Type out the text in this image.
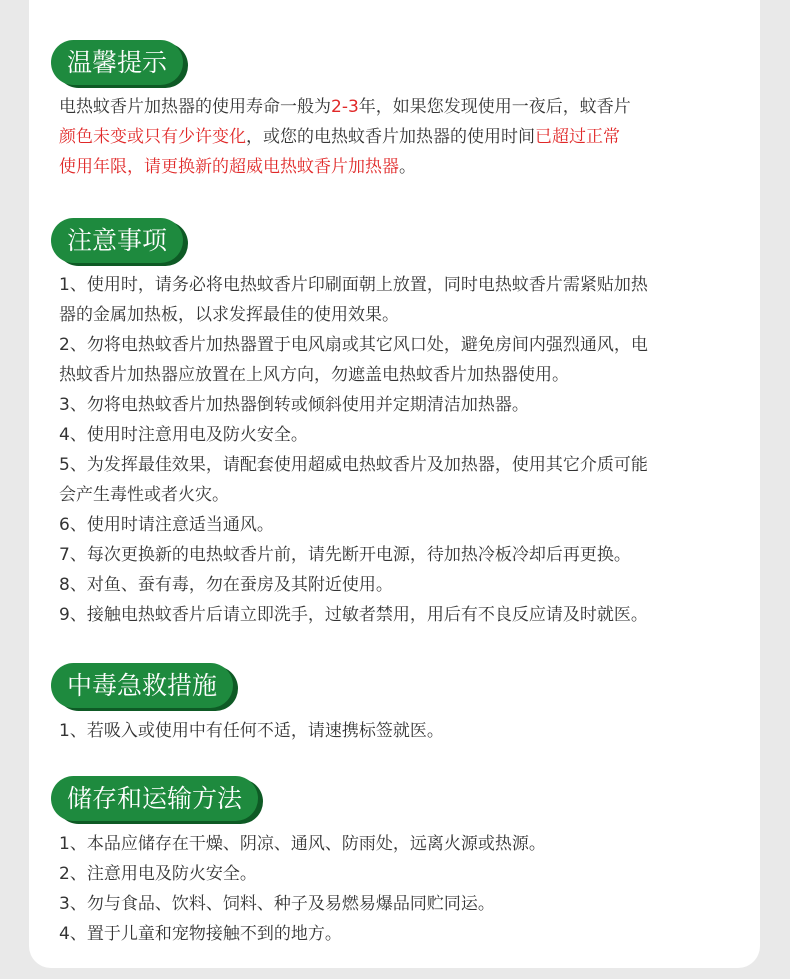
温馨提示
电热蚊香片加热器的使用寿命一般为2-3年，如果您发现使用一夜后，蚊香片
颜色未变或只有少许变化，或您的电热蚊香片加热器的使用时间已超过正常
使用年限，请更换新的超威电热蚊香片加热器。
注意事项
1、使用时，请务必将电热蚊香片印刷面朝上放置，同时电热蚊香片需紧贴加热
器的金属加热板，以求发挥最佳的使用效果。
2、勿将电热蚊香片加热器置于电风扇或其它风口处，避免房间内强烈通风，电
热蚊香片加热器应放置在上风方向，勿遮盖电热蚊香片加热器使用。
3、勿将电热蚊香片加热器倒转或倾斜使用并定期清洁加热器。
4、使用时注意用电及防火安全。
5、为发挥最佳效果，请配套使用超威电热蚊香片及加热器，使用其它介质可能
会产生毒性或者火灾。
6、使用时请注意适当通风。
7、每次更换新的电热蚊香片前，请先断开电源，待加热冷板冷却后再更换。
8、对鱼、蚕有毒，勿在蚕房及其附近使用。
9、接触电热蚊香片后请立即洗手，过敏者禁用，用后有不良反应请及时就医。
中毒急救措施
1、若吸入或使用中有任何不适，请速携标签就医。
储存和运输方法
1、本品应储存在干燥、阴凉、通风、防雨处，远离火源或热源。
2、注意用电及防火安全。
3、勿与食品、饮料、饲料、种子及易燃易爆品同贮同运。
4、置于儿童和宠物接触不到的地方。
